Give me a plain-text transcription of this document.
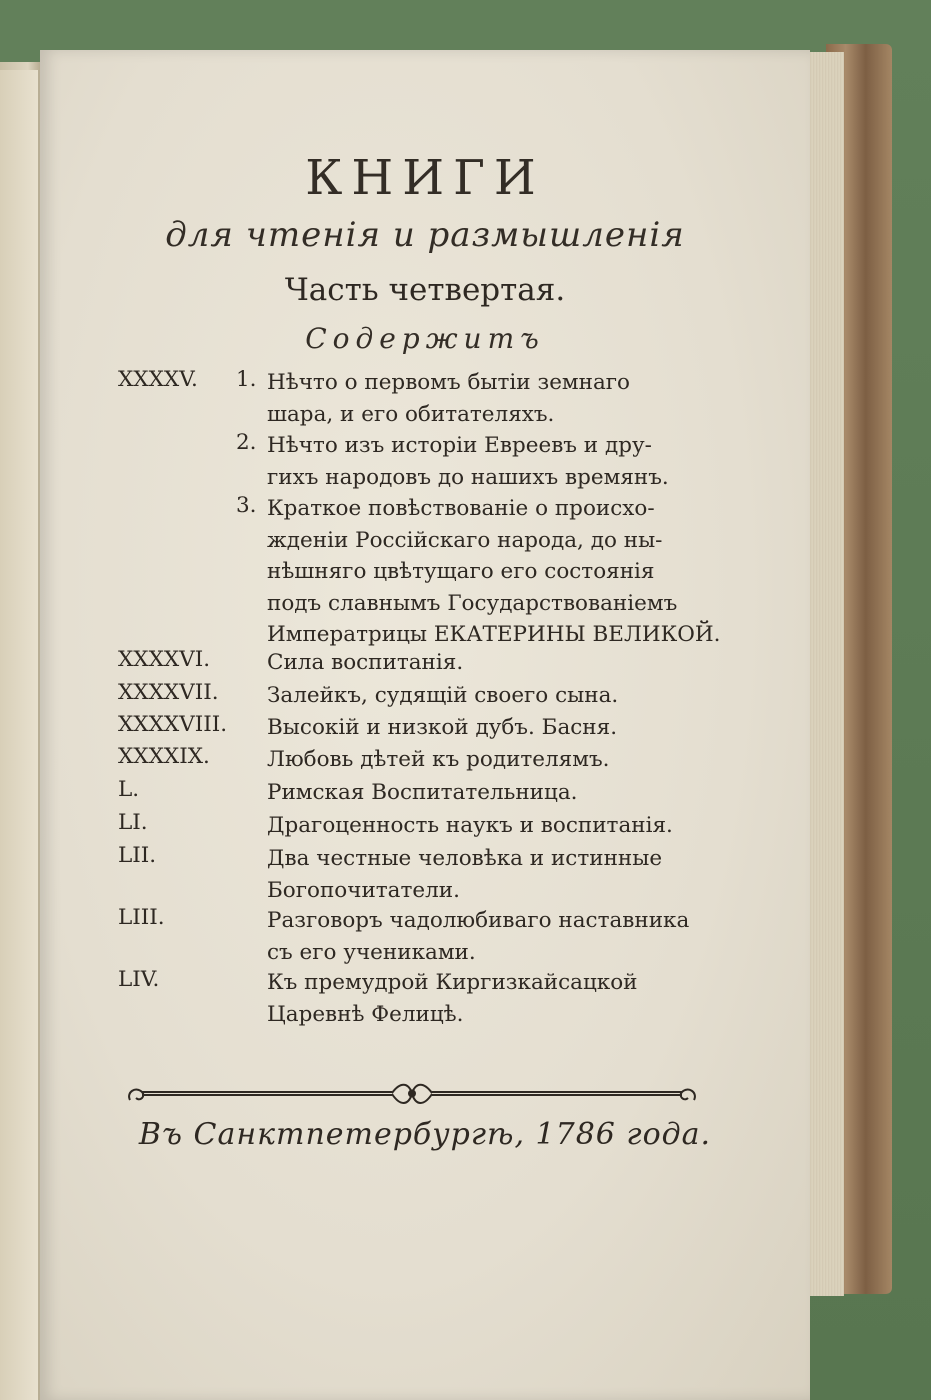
КНИГИ
для чтенія и размышленія
Часть четвертая.
Содержитъ
XXXXV. 1. Нѣчто о первомъ бытіи земнаго
шара, и его обитателяхъ.
2. Нѣчто изъ исторіи Евреевъ и дру-
гихъ народовъ до нашихъ времянъ.
3. Краткое повѣствованіе о происхо-
жденіи Россійскаго народа, до ны-
нѣшняго цвѣтущаго его состоянія
подъ славнымъ Государствованіемъ
Императрицы ЕКАТЕРИНЫ ВЕЛИКОЙ.
XXXXVI.	Сила воспитанія.
XXXXVII. Залейкъ, судящій своего сына.
XXXXVIII. Высокій и низкой дубъ. Басня.
XXXXIX.	Любовь дѣтей къ родителямъ.
L.	Римская Воспитательница.
LI.	Драгоценность наукъ и воспитанія.
LII.	Два честные человѣка и истинные
Богопочитатели.
LIII.	Разговоръ чадолюбиваго наставника
съ его учениками.
LIV.	Къ премудрой Киргизкайсацкой
Царевнѣ Фелицѣ.
Въ Санктпетербургѣ, 1786 года.
